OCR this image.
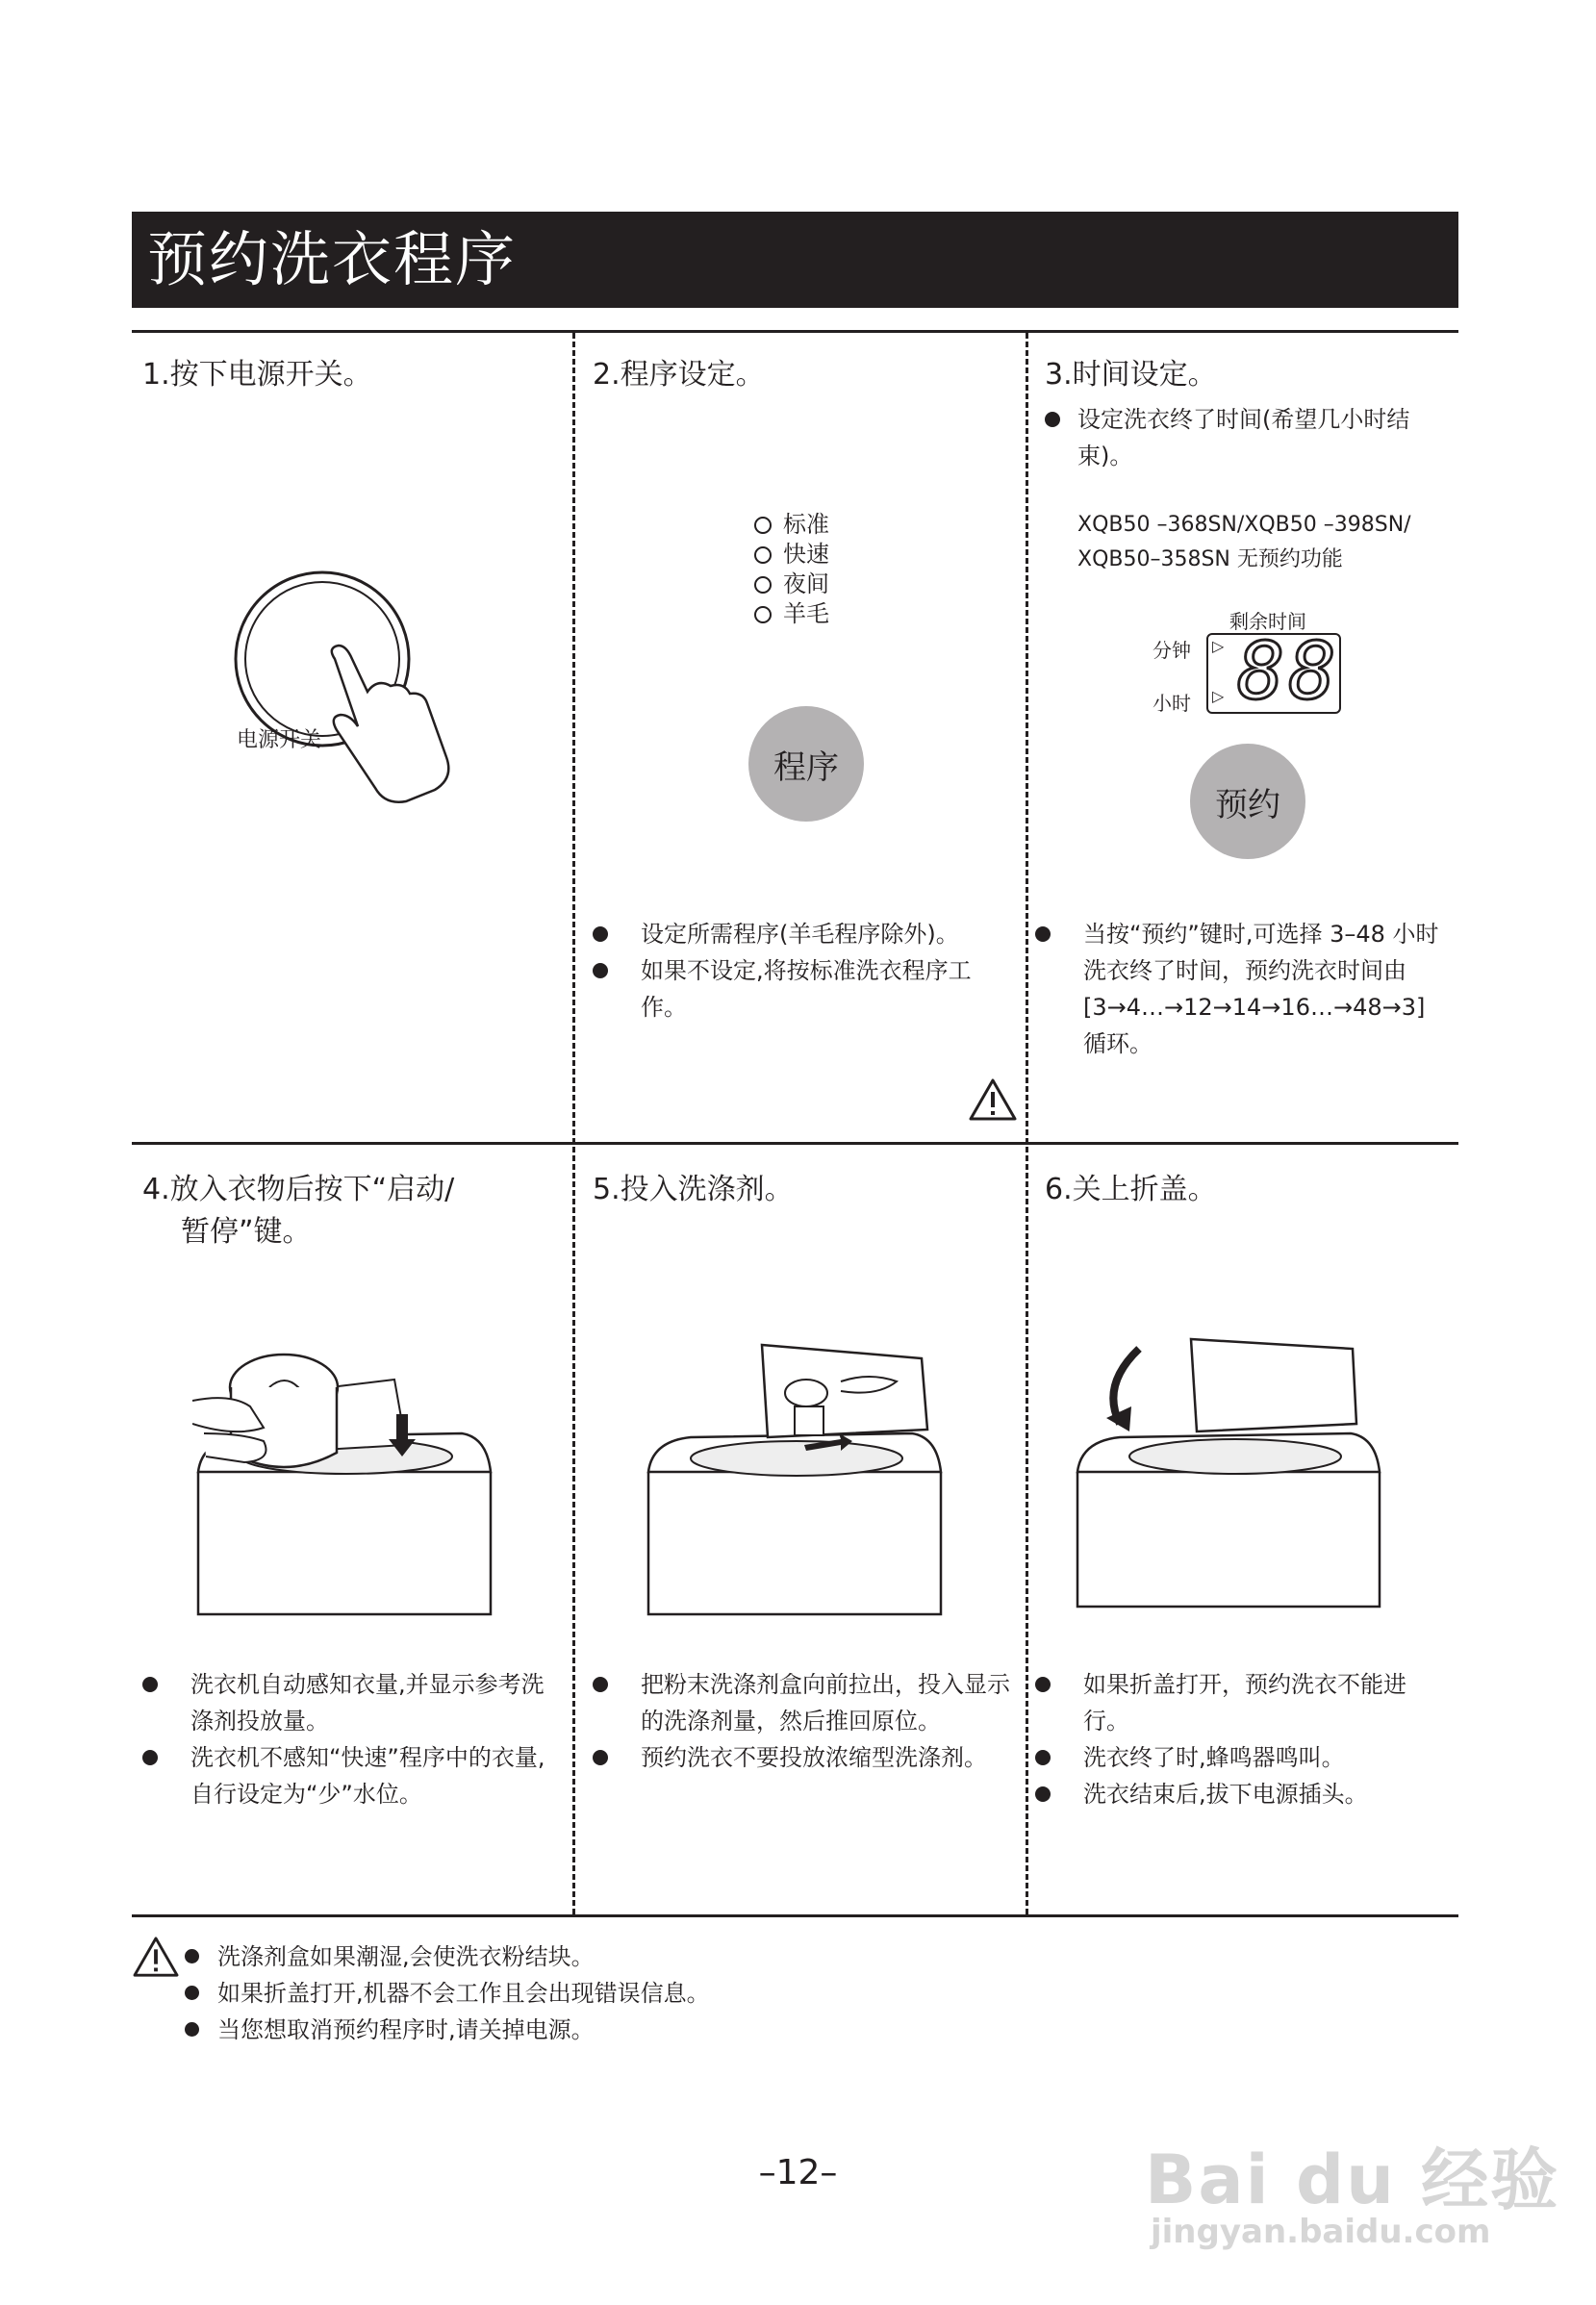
预约洗衣程序
1.按下电源开关。
电源开关
2.程序设定。
标准
快速
夜间
羊毛
程序
设定所需程序(羊毛程序除外)。
如果不设定,将按标准洗衣程序工作。
3.时间设定。
设定洗衣终了时间(希望几小时结束)。
XQB50 –368SN/XQB50 –398SN/
XQB50–358SN 无预约功能
剩余时间
分钟
小时
▷
▷ 88
预约
当按“预约”键时,可选择 3–48 小时洗衣终了时间，预约洗衣时间由 [3→4…→12→14→16…→48→3]循环。
4.放入衣物后按下“启动/
暂停”键。
洗衣机自动感知衣量,并显示参考洗涤剂投放量。
洗衣机不感知“快速”程序中的衣量,自行设定为“少”水位。
5.投入洗涤剂。
把粉末洗涤剂盒向前拉出，投入显示的洗涤剂量，然后推回原位。
预约洗衣不要投放浓缩型洗涤剂。
6.关上折盖。
如果折盖打开，预约洗衣不能进行。
洗衣终了时,蜂鸣器鸣叫。
洗衣结束后,拔下电源插头。
洗涤剂盒如果潮湿,会使洗衣粉结块。
如果折盖打开,机器不会工作且会出现错误信息。
当您想取消预约程序时,请关掉电源。
–12–	Bai du 经验
jingyan.baidu.com
